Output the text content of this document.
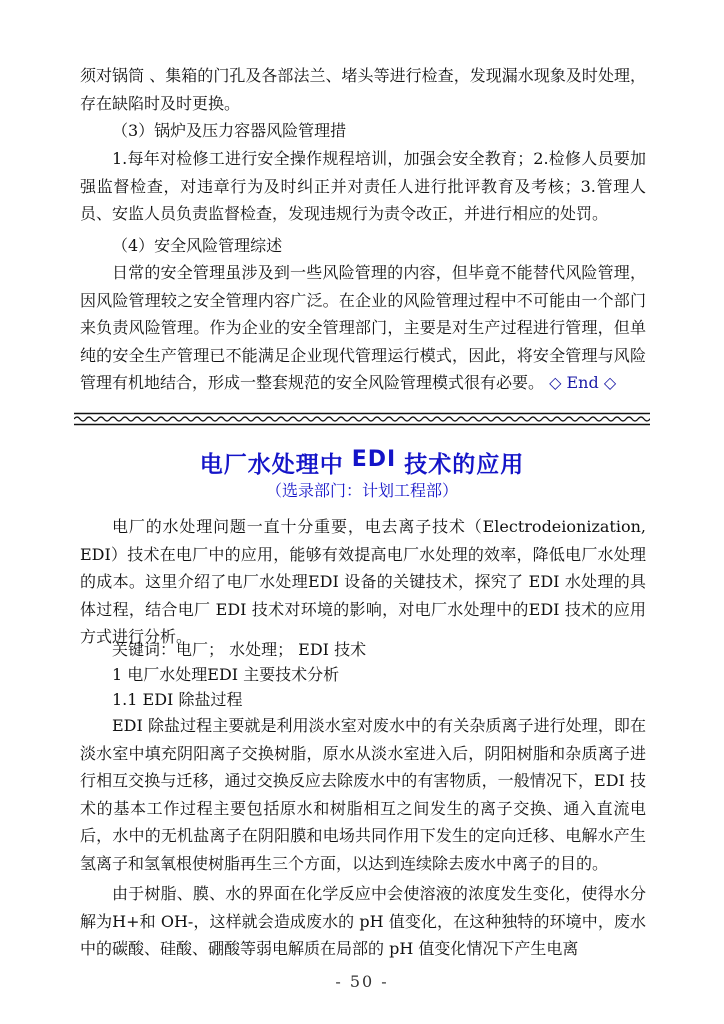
须对锅筒 、集箱的门孔及各部法兰、堵头等进行检查，发现漏水现象及时处理，存在缺陷时及时更换。

（3）锅炉及压力容器风险管理措

1.每年对检修工进行安全操作规程培训，加强会安全教育；2.检修人员要加强监督检查，对违章行为及时纠正并对责任人进行批评教育及考核；3.管理人员、安监人员负责监督检查，发现违规行为责令改正，并进行相应的处罚。

（4）安全风险管理综述

日常的安全管理虽涉及到一些风险管理的内容，但毕竟不能替代风险管理，因风险管理较之安全管理内容广泛。在企业的风险管理过程中不可能由一个部门来负责风险管理。作为企业的安全管理部门，主要是对生产过程进行管理，但单纯的安全生产管理已不能满足企业现代管理运行模式，因此，将安全管理与风险管理有机地结合，形成一整套规范的安全风险管理模式很有必要。 ◇ End ◇

电厂水处理中 EDI 技术的应用
（选录部门：计划工程部）

电厂的水处理问题一直十分重要，电去离子技术（Electrodeionization, EDI）技术在电厂中的应用，能够有效提高电厂水处理的效率，降低电厂水处理的成本。这里介绍了电厂水处理EDI 设备的关键技术，探究了 EDI 水处理的具体过程，结合电厂 EDI 技术对环境的影响，对电厂水处理中的EDI 技术的应用方式进行分析。

关键词：电厂； 水处理； EDI 技术

1 电厂水处理EDI 主要技术分析

1.1 EDI 除盐过程

EDI 除盐过程主要就是利用淡水室对废水中的有关杂质离子进行处理，即在淡水室中填充阴阳离子交换树脂，原水从淡水室进入后，阴阳树脂和杂质离子进行相互交换与迁移，通过交换反应去除废水中的有害物质，一般情况下，EDI 技术的基本工作过程主要包括原水和树脂相互之间发生的离子交换、通入直流电后，水中的无机盐离子在阴阳膜和电场共同作用下发生的定向迁移、电解水产生氢离子和氢氧根使树脂再生三个方面，以达到连续除去废水中离子的目的。

由于树脂、膜、水的界面在化学反应中会使溶液的浓度发生变化，使得水分解为H+和 OH-，这样就会造成废水的 pH 值变化，在这种独特的环境中，废水中的碳酸、硅酸、硼酸等弱电解质在局部的 pH 值变化情况下产生电离

- 50 -
